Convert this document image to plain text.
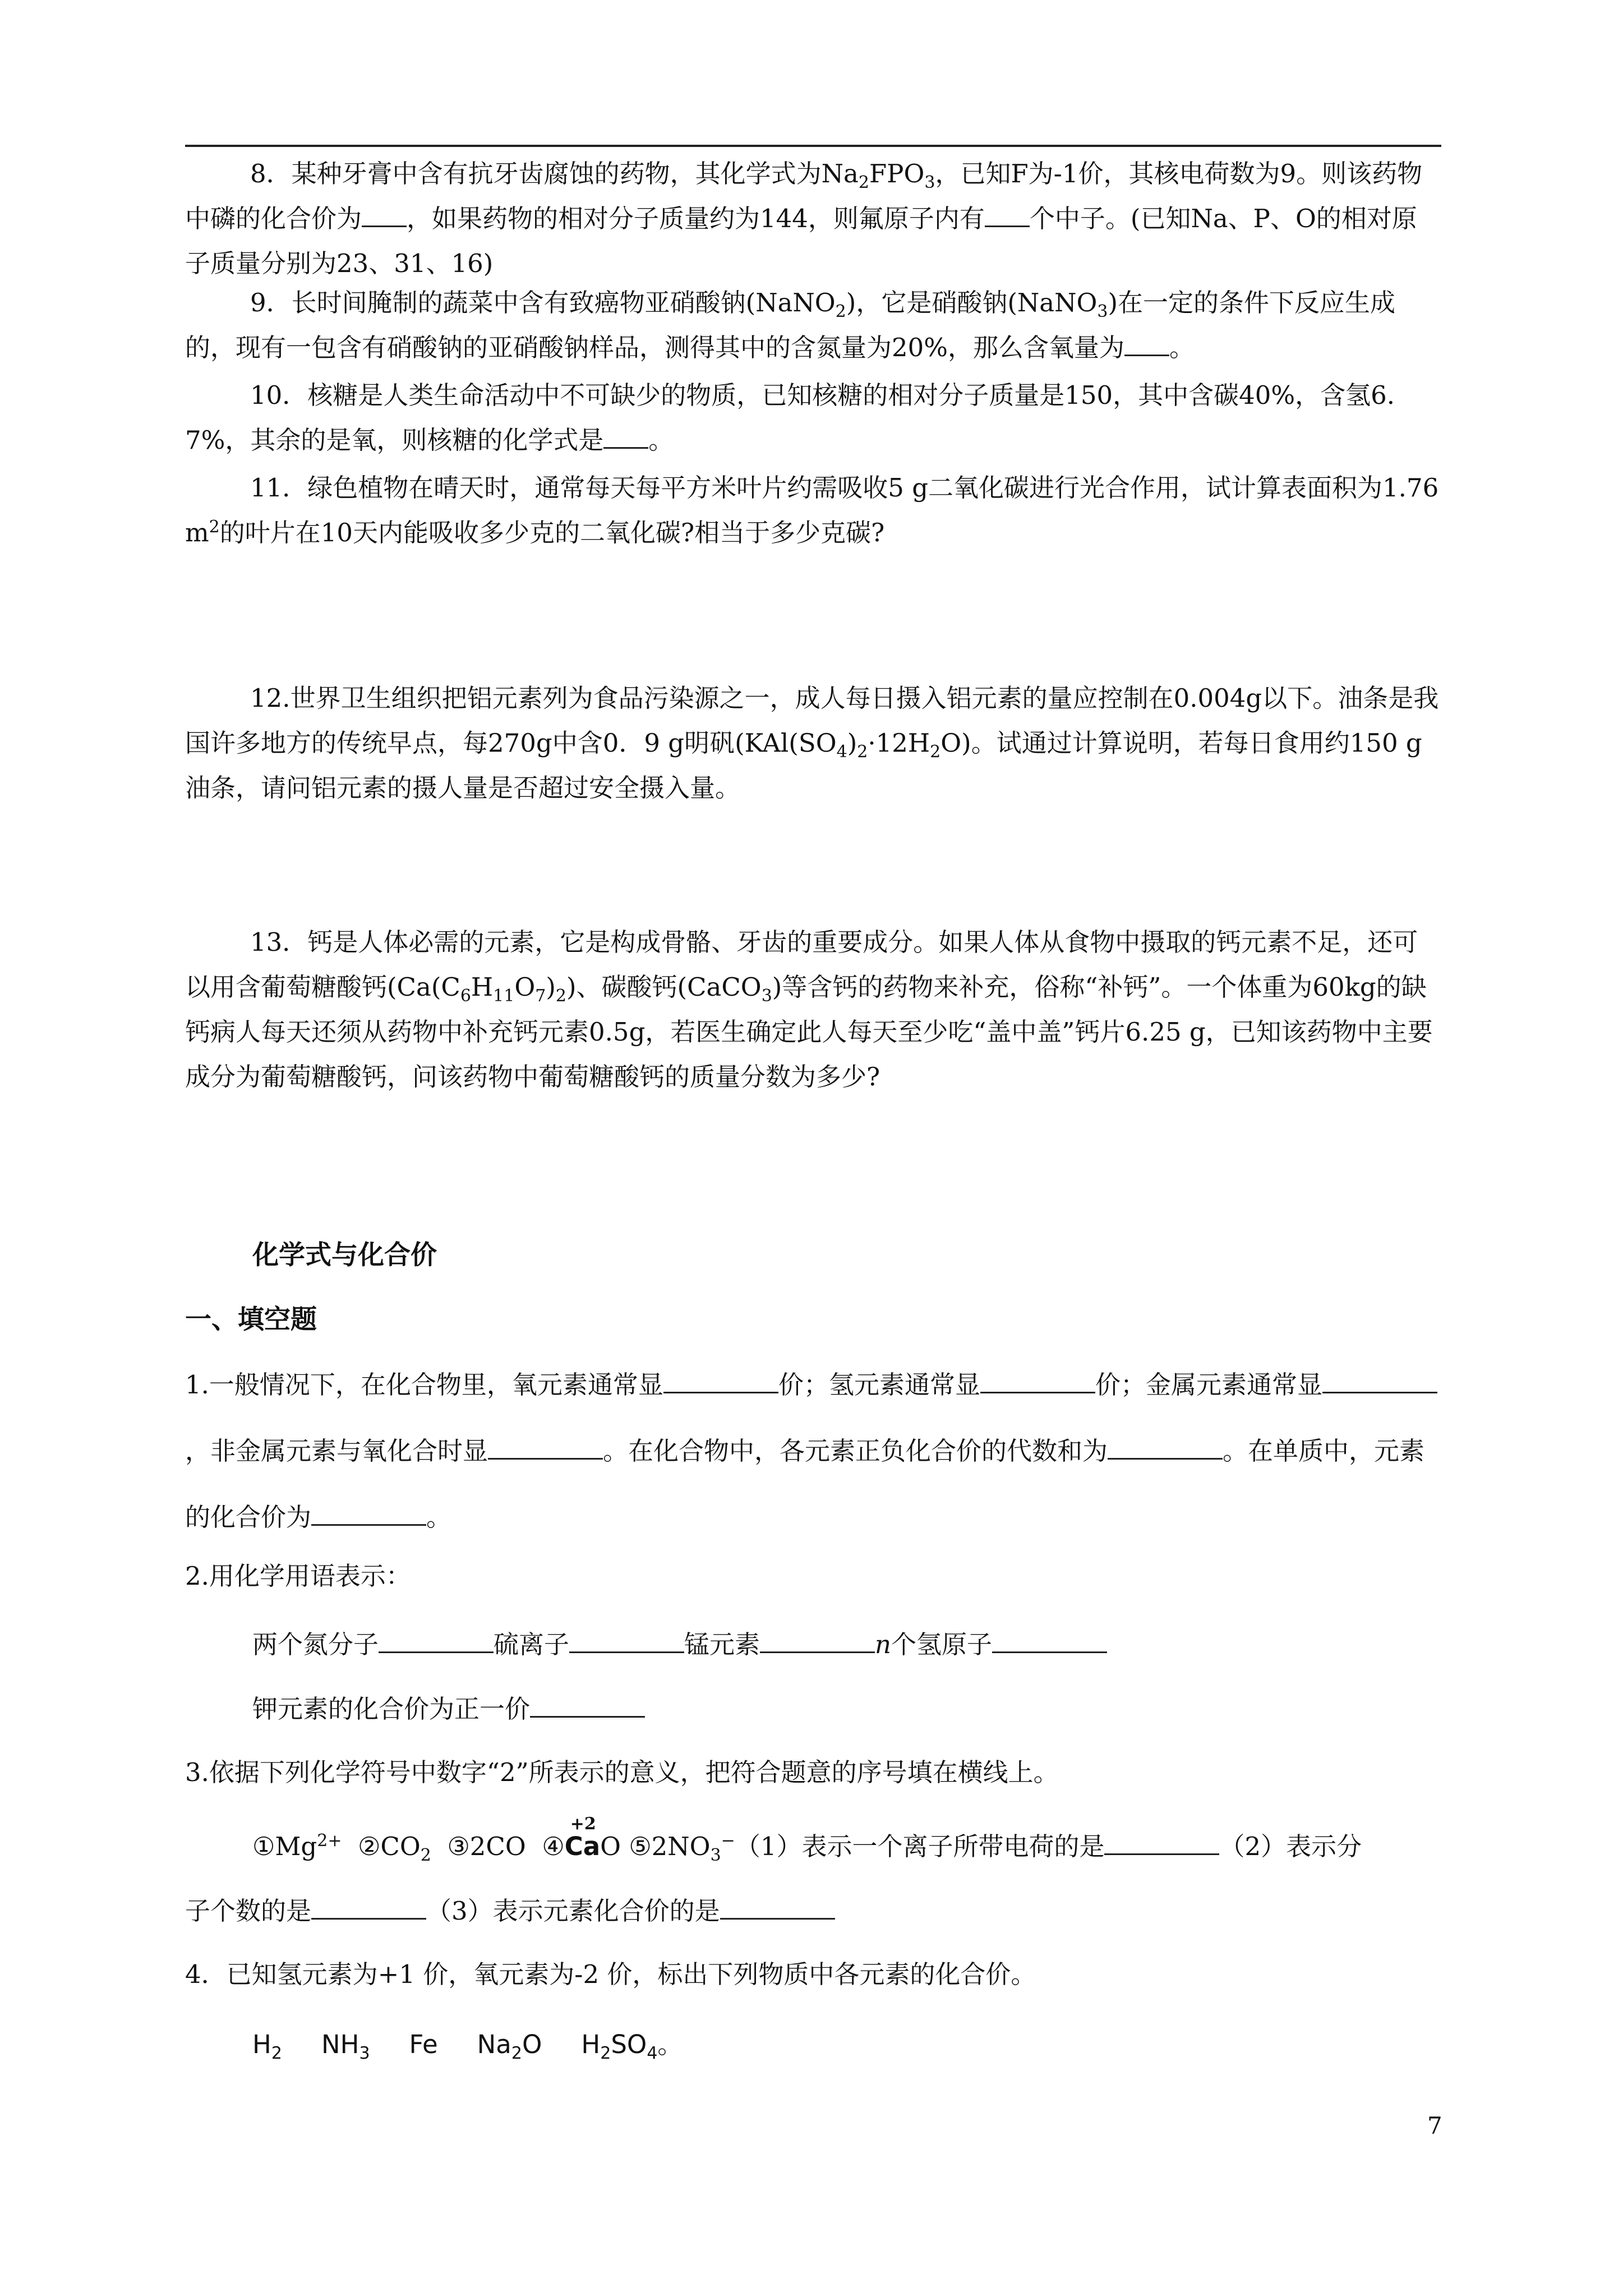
8．某种牙膏中含有抗牙齿腐蚀的药物，其化学式为$Na_2FPO_3$，已知F为-1价，其核电荷数为9。则该药物中磷的化合价为 ，如果药物的相对分子质量约为144，则氟原子内有 个中子。(已知Na、P、O的相对原子质量分别为23、31、16)

9．长时间腌制的蔬菜中含有致癌物亚硝酸钠(NaNO$_2$)，它是硝酸钠(NaNO$_3$)在一定的条件下反应生成的，现有一包含有硝酸钠的亚硝酸钠样品，测得其中的含氮量为20%，那么含氧量为 。

10．核糖是人类生命活动中不可缺少的物质，已知核糖的相对分子质量是150，其中含碳40%，含氢6.7%，其余的是氧，则核糖的化学式是 。

11．绿色植物在晴天时，通常每天每平方米叶片约需吸收5 g二氧化碳进行光合作用，试计算表面积为$1.76m^2$的叶片在10天内能吸收多少克的二氧化碳?相当于多少克碳?

12.世界卫生组织把铝元素列为食品污染源之一，成人每日摄入铝元素的量应控制在0.004g以下。油条是我国许多地方的传统早点，每270g中含0．9 g明矾$(KAl(SO_4)_2\cdot 12H_2O)$。试通过计算说明，若每日食用约150 g油条，请问铝元素的摄人量是否超过安全摄入量。

13．钙是人体必需的元素，它是构成骨骼、牙齿的重要成分。如果人体从食物中摄取的钙元素不足，还可以用含葡萄糖酸钙$(Ca(C_6H_{11}O_7)_2)$、碳酸钙(CaCO$_3$)等含钙的药物来补充，俗称“补钙”。一个体重为60kg的缺钙病人每天还须从药物中补充钙元素0.5g，若医生确定此人每天至少吃“盖中盖”钙片6.25 g，已知该药物中主要成分为葡萄糖酸钙，问该药物中葡萄糖酸钙的质量分数为多少?

化学式与化合价
一、填空题

1.一般情况下，在化合物里，氧元素通常显	价；氢元素通常显	价；金属元素通常显，非金属元素与氧化合时显	。在化合物中，各元素正负化合价的代数和为	。在单质中，元素的化合价为	。

2.用化学用语表示：

两个氮分子	硫离子	锰元素	n个氢原子

钾元素的化合价为正一价

3.依据下列化学符号中数字“2”所表示的意义，把符合题意的序号填在横线上。

$①Mg^{2+}$ $②CO_2$ ③2CO ④
+2
CaO $⑤2NO_3^-(1)$表示一个离子所带电荷的是	（2）表示分

子个数的是	（3）表示元素化合价的是

4．已知氢元素为+1 价，氧元素为-2 价，标出下列物质中各元素的化合价。

$H_2$ $NH_3$ Fe $Na_2O$ $H_2SO_4$。

7
